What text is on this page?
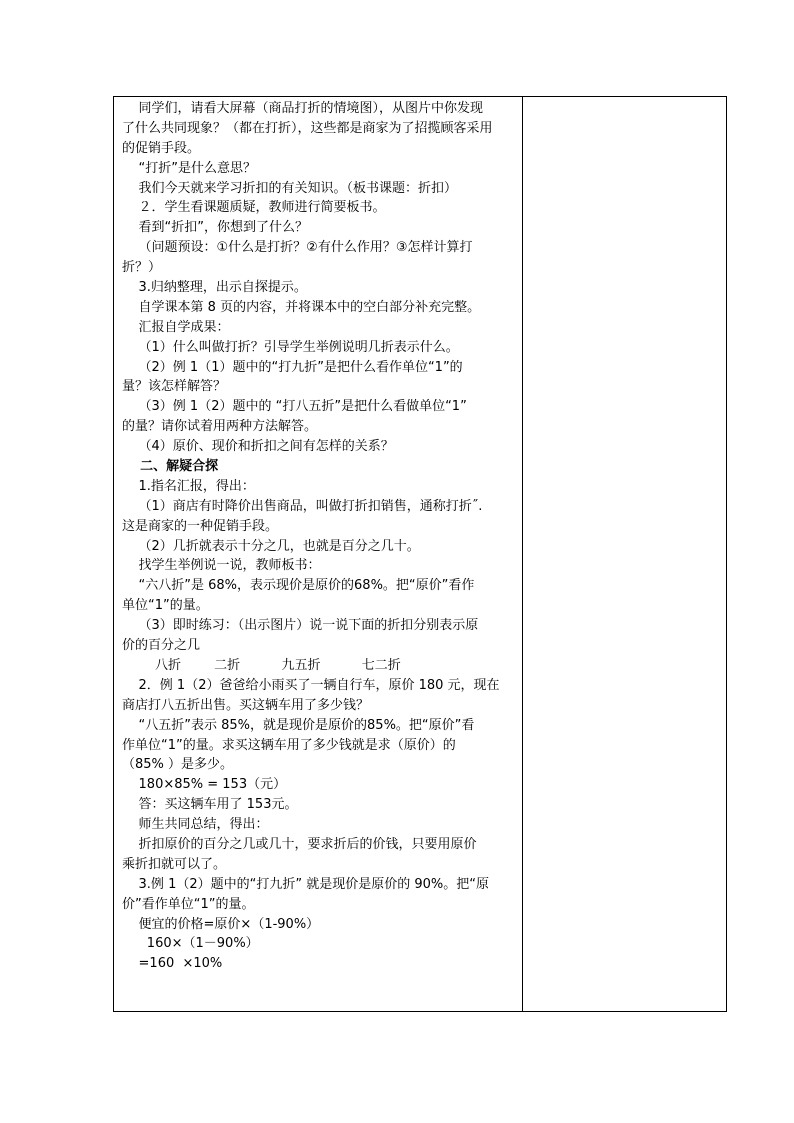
同学们，请看大屏幕（商品打折的情境图），从图片中你发现
了什么共同现象？（都在打折），这些都是商家为了招揽顾客采用
的促销手段。
“打折”是什么意思？
我们今天就来学习折扣的有关知识。（板书课题：折扣）
２．学生看课题质疑，教师进行简要板书。
看到“折扣”，你想到了什么？
（问题预设：①什么是打折？②有什么作用？③怎样计算打
折？）
3.归纳整理，出示自探提示。
自学课本第 8 页的内容，并将课本中的空白部分补充完整。
汇报自学成果：
（1）什么叫做打折？引导学生举例说明几折表示什么。
（2）例 1（1）题中的“打九折”是把什么看作单位“1”的
量？该怎样解答？
（3）例 1（2）题中的 “打八五折”是把什么看做单位“1”
的量？请你试着用两种方法解答。
（4）原价、现价和折扣之间有怎样的关系？
二、解疑合探
1.指名汇报，得出：
（1）商店有时降价出售商品，叫做打折扣销售，通称打折˝.
这是商家的一种促销手段。
（2）几折就表示十分之几，也就是百分之几十。
找学生举例说一说，教师板书：
“六八折”是 68%，表示现价是原价的68%。把“原价”看作
单位“1”的量。
（3）即时练习：（出示图片）说一说下面的折扣分别表示原
价的百分之几
八折        二折          九五折          七二折
2．例 1（2）爸爸给小雨买了一辆自行车，原价 180 元，现在
商店打八五折出售。买这辆车用了多少钱？
“八五折”表示 85%，就是现价是原价的85%。把“原价”看
作单位“1”的量。求买这辆车用了多少钱就是求（原价）的
（85% ）是多少。
180×85% = 153（元）
答：买这辆车用了 153元。
师生共同总结，得出：
折扣原价的百分之几或几十，要求折后的价钱，只要用原价
乘折扣就可以了。
3.例 1（2）题中的“打九折” 就是现价是原价的 90%。把“原
价”看作单位“1”的量。
便宜的价格=原价×（1-90%）
160×（1－90%）
=160  ×10%
